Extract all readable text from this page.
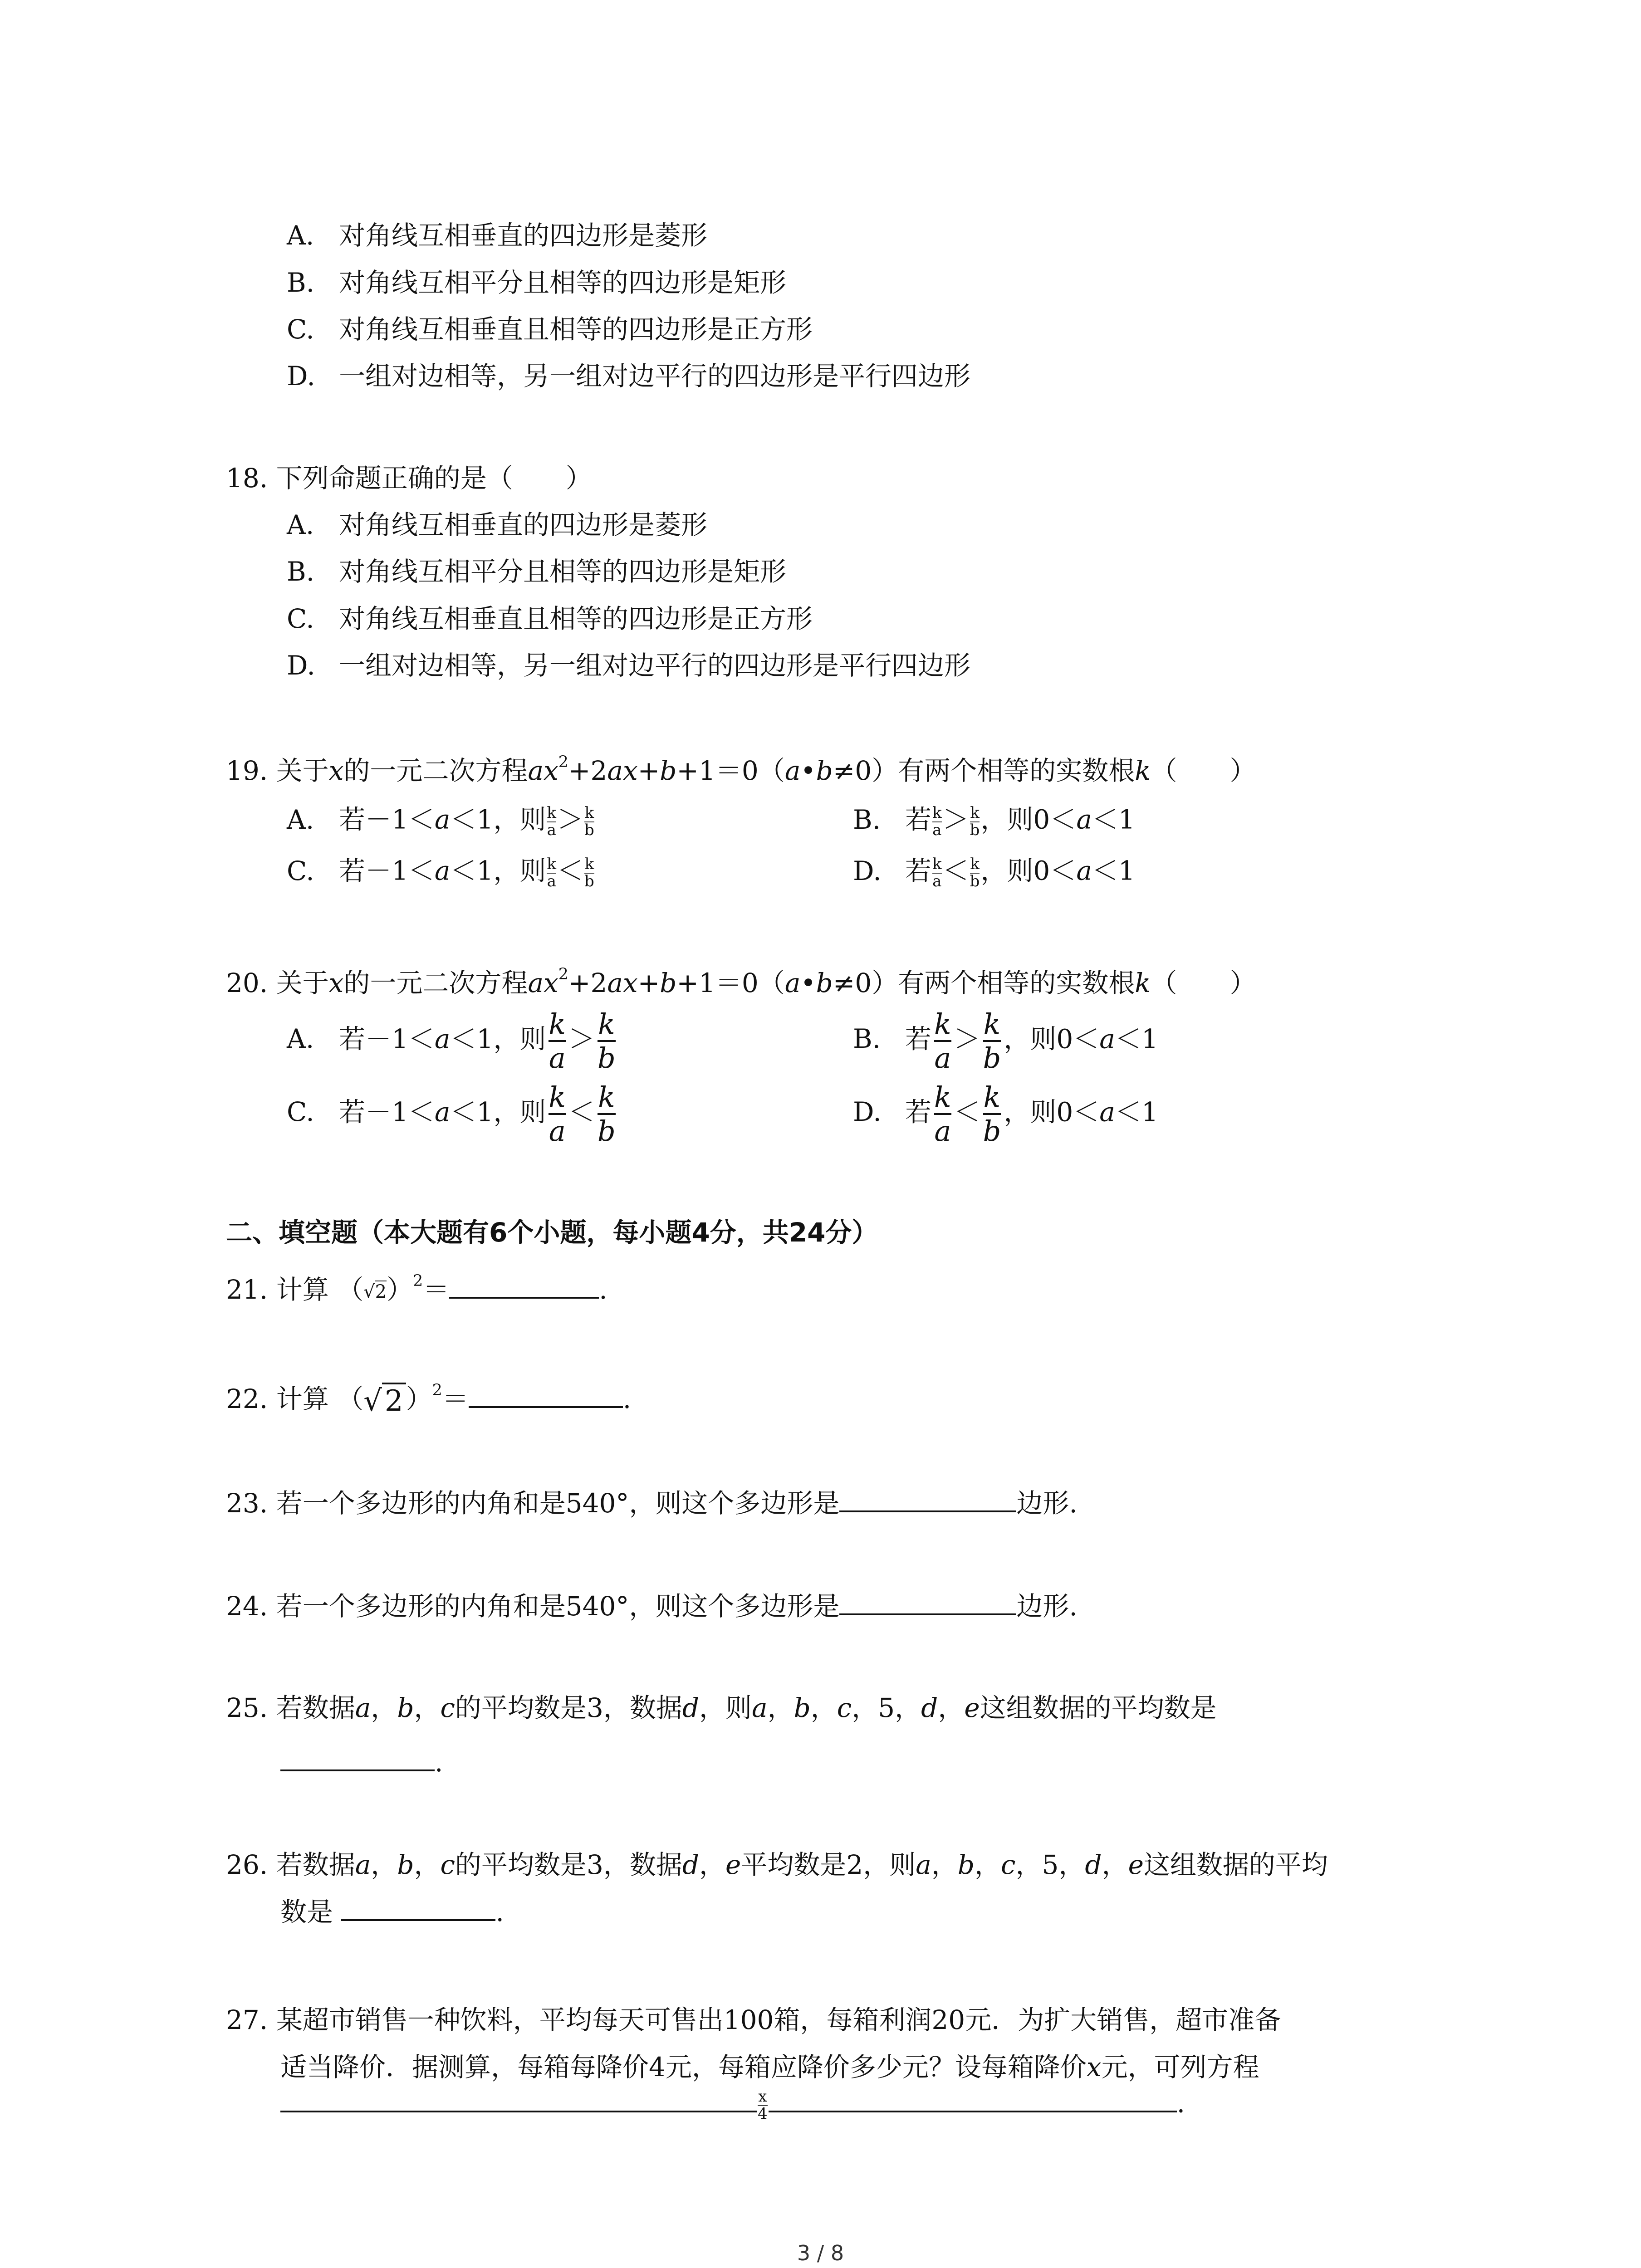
A. 对角线互相垂直的四边形是菱形
B. 对角线互相平分且相等的四边形是矩形
C. 对角线互相垂直且相等的四边形是正方形
D. 一组对边相等，另一组对边平行的四边形是平行四边形
18. 下列命题正确的是（　　）
A. 对角线互相垂直的四边形是菱形
B. 对角线互相平分且相等的四边形是矩形
C. 对角线互相垂直且相等的四边形是正方形
D. 一组对边相等，另一组对边平行的四边形是平行四边形
19. 关于x的一元二次方程$ax^2+2ax+b+1=0(a•b\ne 0)$有两个相等的实数根k（　　）
A. 若－1＜a＜1，则 $\frac{k}{a} > \frac{k}{b}$	B. 若 $\frac{k}{a} > \frac{k}{b}$ ，则0＜a＜1
C. 若－1＜a＜1，则 $\frac{k}{a} < \frac{k}{b}$	D. 若 $\frac{k}{a} < \frac{k}{b}$ ，则0＜a＜1
20. 关于x的一元二次方程$ax^2+2ax+b+1=0(a•b\ne 0)$有两个相等的实数根k（　　）
A. 若－1＜a＜1，则 $\frac{k}{a} > \frac{k}{b}$	B. 若 $\frac{k}{a} > \frac{k}{b}$ ，则0＜a＜1
C. 若－1＜a＜1，则 $\frac{k}{a} < \frac{k}{b}$	D. 若 $\frac{k}{a} < \frac{k}{b}$ ，则0＜a＜1
二、填空题（本大题有6个小题，每小题4分，共24分）
21. 计算 $(√2)^2=$	.
22. 计算 （√2 ）$^2$＝	.
23. 若一个多边形的内角和是540°，则这个多边形是	边形.
24. 若一个多边形的内角和是540°，则这个多边形是	边形.
25. 若数据a，b，c的平均数是3，数据d，则a，b，c，5，d，e这组数据的平均数是
.
26. 若数据a，b，c的平均数是3，数据d，e平均数是2，则a，b，c，5，d，e这组数据的平均
数是	.
27. 某超市销售一种饮料，平均每天可售出100箱，每箱利润20元．为扩大销售，超市准备
适当降价．据测算，每箱每降价4元，每箱应降价多少元？设每箱降价x元，可列方程
$\frac{x}{4}$	.
3 / 8
